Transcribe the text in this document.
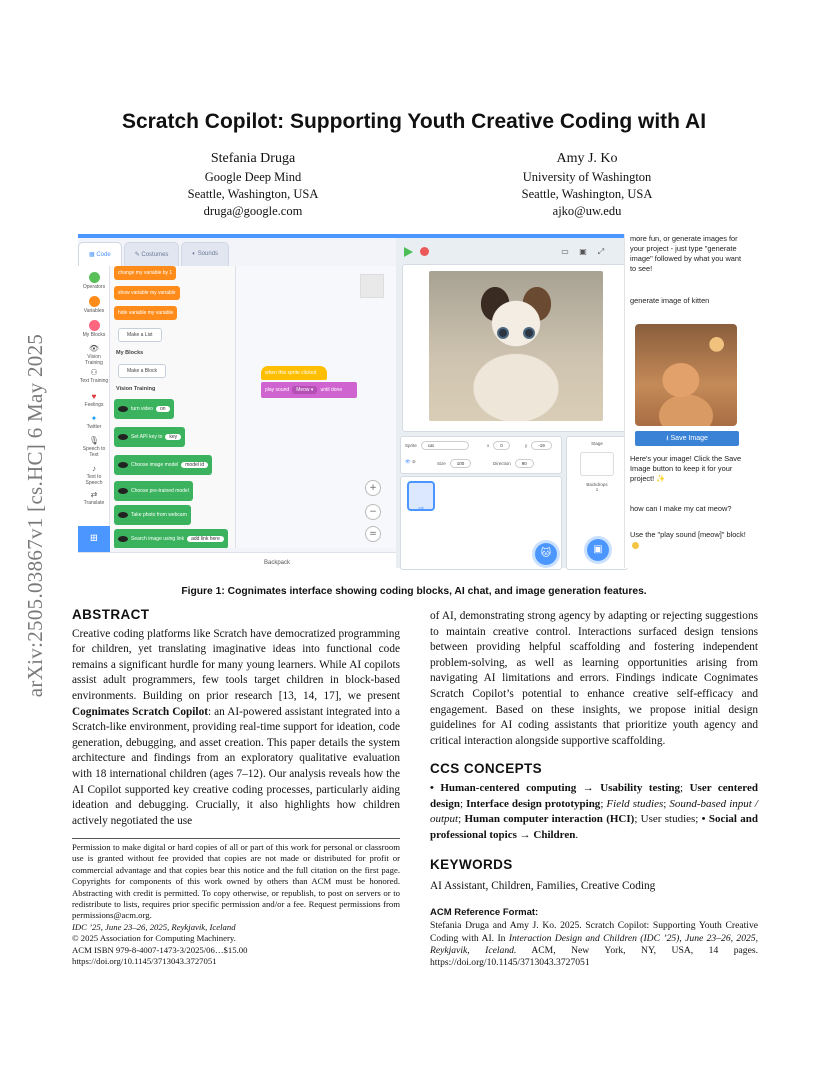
arXiv:2505.03867v1 [cs.HC] 6 May 2025
Scratch Copilot: Supporting Youth Creative Coding with AI
Stefania Druga
Google Deep Mind
Seattle, Washington, USA
druga@google.com
Amy J. Ko
University of Washington
Seattle, Washington, USA
ajko@uw.edu
▦ Code	✎ Costumes	🔈︎ Sounds
Operators
Variables
My Blocks
👁︎
Vision Training
⚇
Text Training
♥
Feelings
✦
Twitter
🎙︎
Speech to Text
♪
Text to Speech
⇄
Translate
⊞
change my variable by 1
show variable my variable
hide variable my variable
Make a List
My Blocks
Make a Block
Vision Training
turn video on
Set API key to key
Choose image model model id
Choose pre-trained model
Take photo from webcam
Search image using link add link here
when this sprite clicked
play sound Meow ▾ until done
+
−
=
Backpack
▭	▣	⤢
Sprite cat	x 0	y -19
👁︎ ⊘	Size 100	Direction 90
cat
🐱︎
Stage
Backdrops
1
▣
more fun, or generate images for your project - just type "generate image" followed by what you want to see!
generate image of kitten
⭳ Save Image
Here's your image! Click the Save Image button to keep it for your project! ✨
how can I make my cat meow?
Use the "play sound [meow]" block!
Figure 1: Cognimates interface showing coding blocks, AI chat, and image generation features.
ABSTRACT
Creative coding platforms like Scratch have democratized programming for children, yet translating imaginative ideas into functional code remains a significant hurdle for many young learners. While AI copilots assist adult programmers, few tools target children in block-based environments. Building on prior research [13, 14, 17], we present Cognimates Scratch Copilot: an AI-powered assistant integrated into a Scratch-like environment, providing real-time support for ideation, code generation, debugging, and asset creation. This paper details the system architecture and findings from an exploratory qualitative evaluation with 18 international children (ages 7–12). Our analysis reveals how the AI Copilot supported key creative coding processes, particularly aiding ideation and debugging. Crucially, it also highlights how children actively negotiated the use
Permission to make digital or hard copies of all or part of this work for personal or classroom use is granted without fee provided that copies are not made or distributed for profit or commercial advantage and that copies bear this notice and the full citation on the first page. Copyrights for components of this work owned by others than ACM must be honored. Abstracting with credit is permitted. To copy otherwise, or republish, to post on servers or to redistribute to lists, requires prior specific permission and/or a fee. Request permissions from permissions@acm.org.
IDC ’25, June 23–26, 2025, Reykjavik, Iceland
© 2025 Association for Computing Machinery.
ACM ISBN 979-8-4007-1473-3/2025/06…$15.00
https://doi.org/10.1145/3713043.3727051
of AI, demonstrating strong agency by adapting or rejecting suggestions to maintain creative control. Interactions surfaced design tensions between providing helpful scaffolding and fostering independent problem-solving, as well as learning opportunities arising from navigating AI limitations and errors. Findings indicate Cognimates Scratch Copilot’s potential to enhance creative self-efficacy and engagement. Based on these insights, we propose initial design guidelines for AI coding assistants that prioritize youth agency and critical interaction alongside supportive scaffolding.
CCS CONCEPTS
• Human-centered computing → Usability testing; User centered design; Interface design prototyping; Field studies; Sound-based input / output; Human computer interaction (HCI); User studies; • Social and professional topics → Children.
KEYWORDS
AI Assistant, Children, Families, Creative Coding
ACM Reference Format:
Stefania Druga and Amy J. Ko. 2025. Scratch Copilot: Supporting Youth Creative Coding with AI. In Interaction Design and Children (IDC ’25), June 23–26, 2025, Reykjavik, Iceland. ACM, New York, NY, USA, 14 pages. https://doi.org/10.1145/3713043.3727051
